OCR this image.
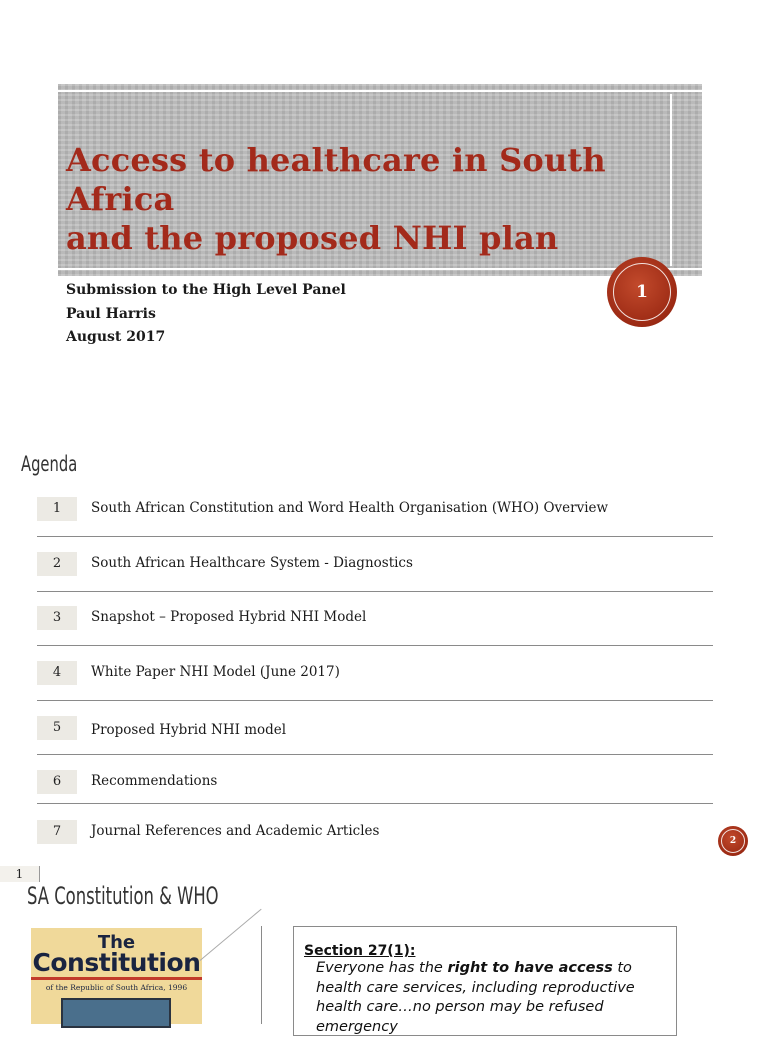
Access to healthcare in South Africa
and the proposed NHI plan
Submission to the High Level Panel
Paul Harris
August 2017
1
Agenda
1	South African Constitution and Word Health Organisation (WHO) Overview
2	South African Healthcare System - Diagnostics
3	Snapshot – Proposed Hybrid NHI Model
4	White Paper NHI Model (June 2017)
5	Proposed Hybrid NHI model
6	Recommendations
7	Journal References and Academic Articles
2
1
SA Constitution & WHO
The
Constitution
of the Republic of South Africa, 1996
Section 27(1):
Everyone has the right to have access to health care services, including reproductive health care…no person may be refused emergency
